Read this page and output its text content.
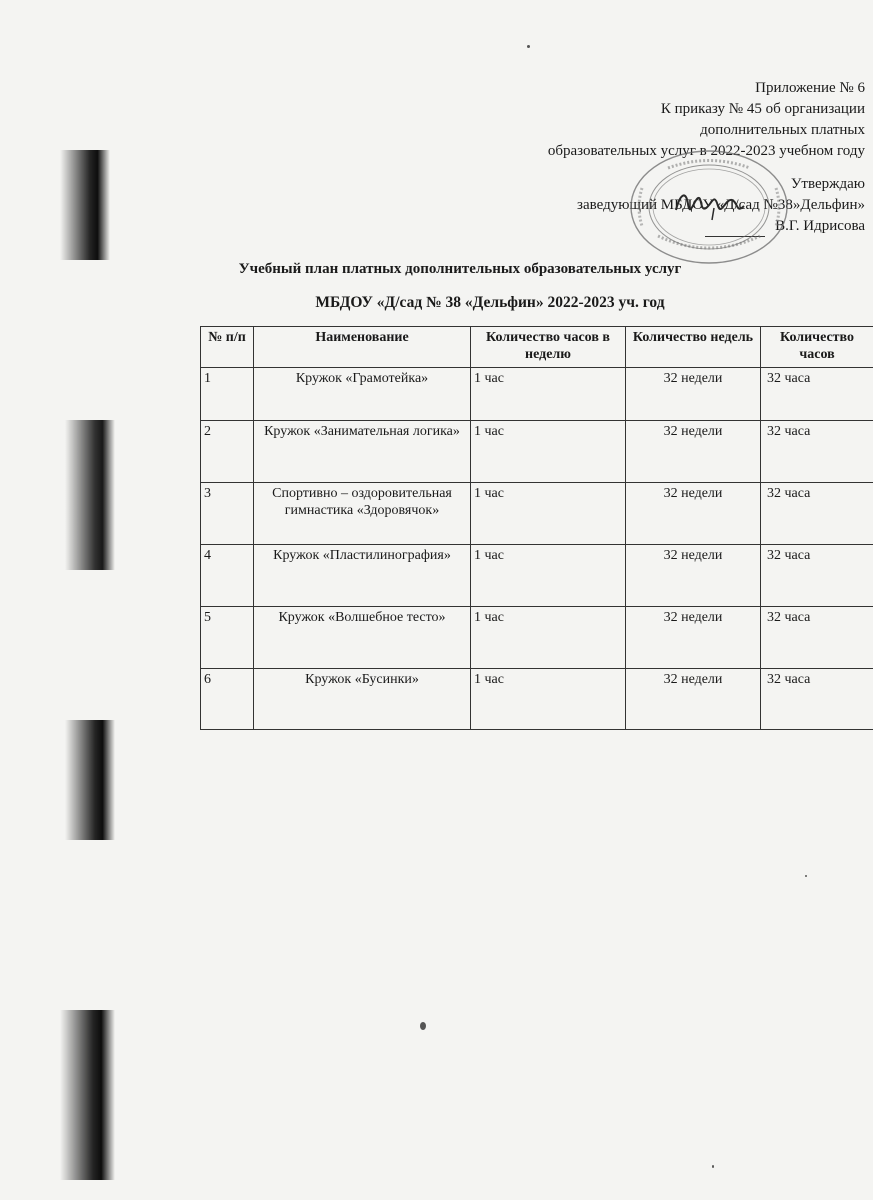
Приложение № 6
К приказу № 45 об организации
дополнительных платных
образовательных услуг в 2022-2023 учебном году
Утверждаю
заведующий МБДОУ «Д/сад №38»Дельфин»
В.Г. Идрисова
Учебный план платных дополнительных образовательных услуг
МБДОУ «Д/сад № 38 «Дельфин» 2022-2023 уч. год
№ п/п	Наименование	Количество часов в неделю	Количество недель	Количество часов
1	Кружок «Грамотейка»	1 час	32 недели	32 часа
2	Кружок «Занимательная логика»	1 час	32 недели	32 часа
3	Спортивно – оздоровительная гимнастика «Здоровячок»	1 час	32 недели	32 часа
4	Кружок «Пластилинография»	1 час	32 недели	32 часа
5	Кружок «Волшебное тесто»	1 час	32 недели	32 часа
6	Кружок «Бусинки»	1 час	32 недели	32 часа
